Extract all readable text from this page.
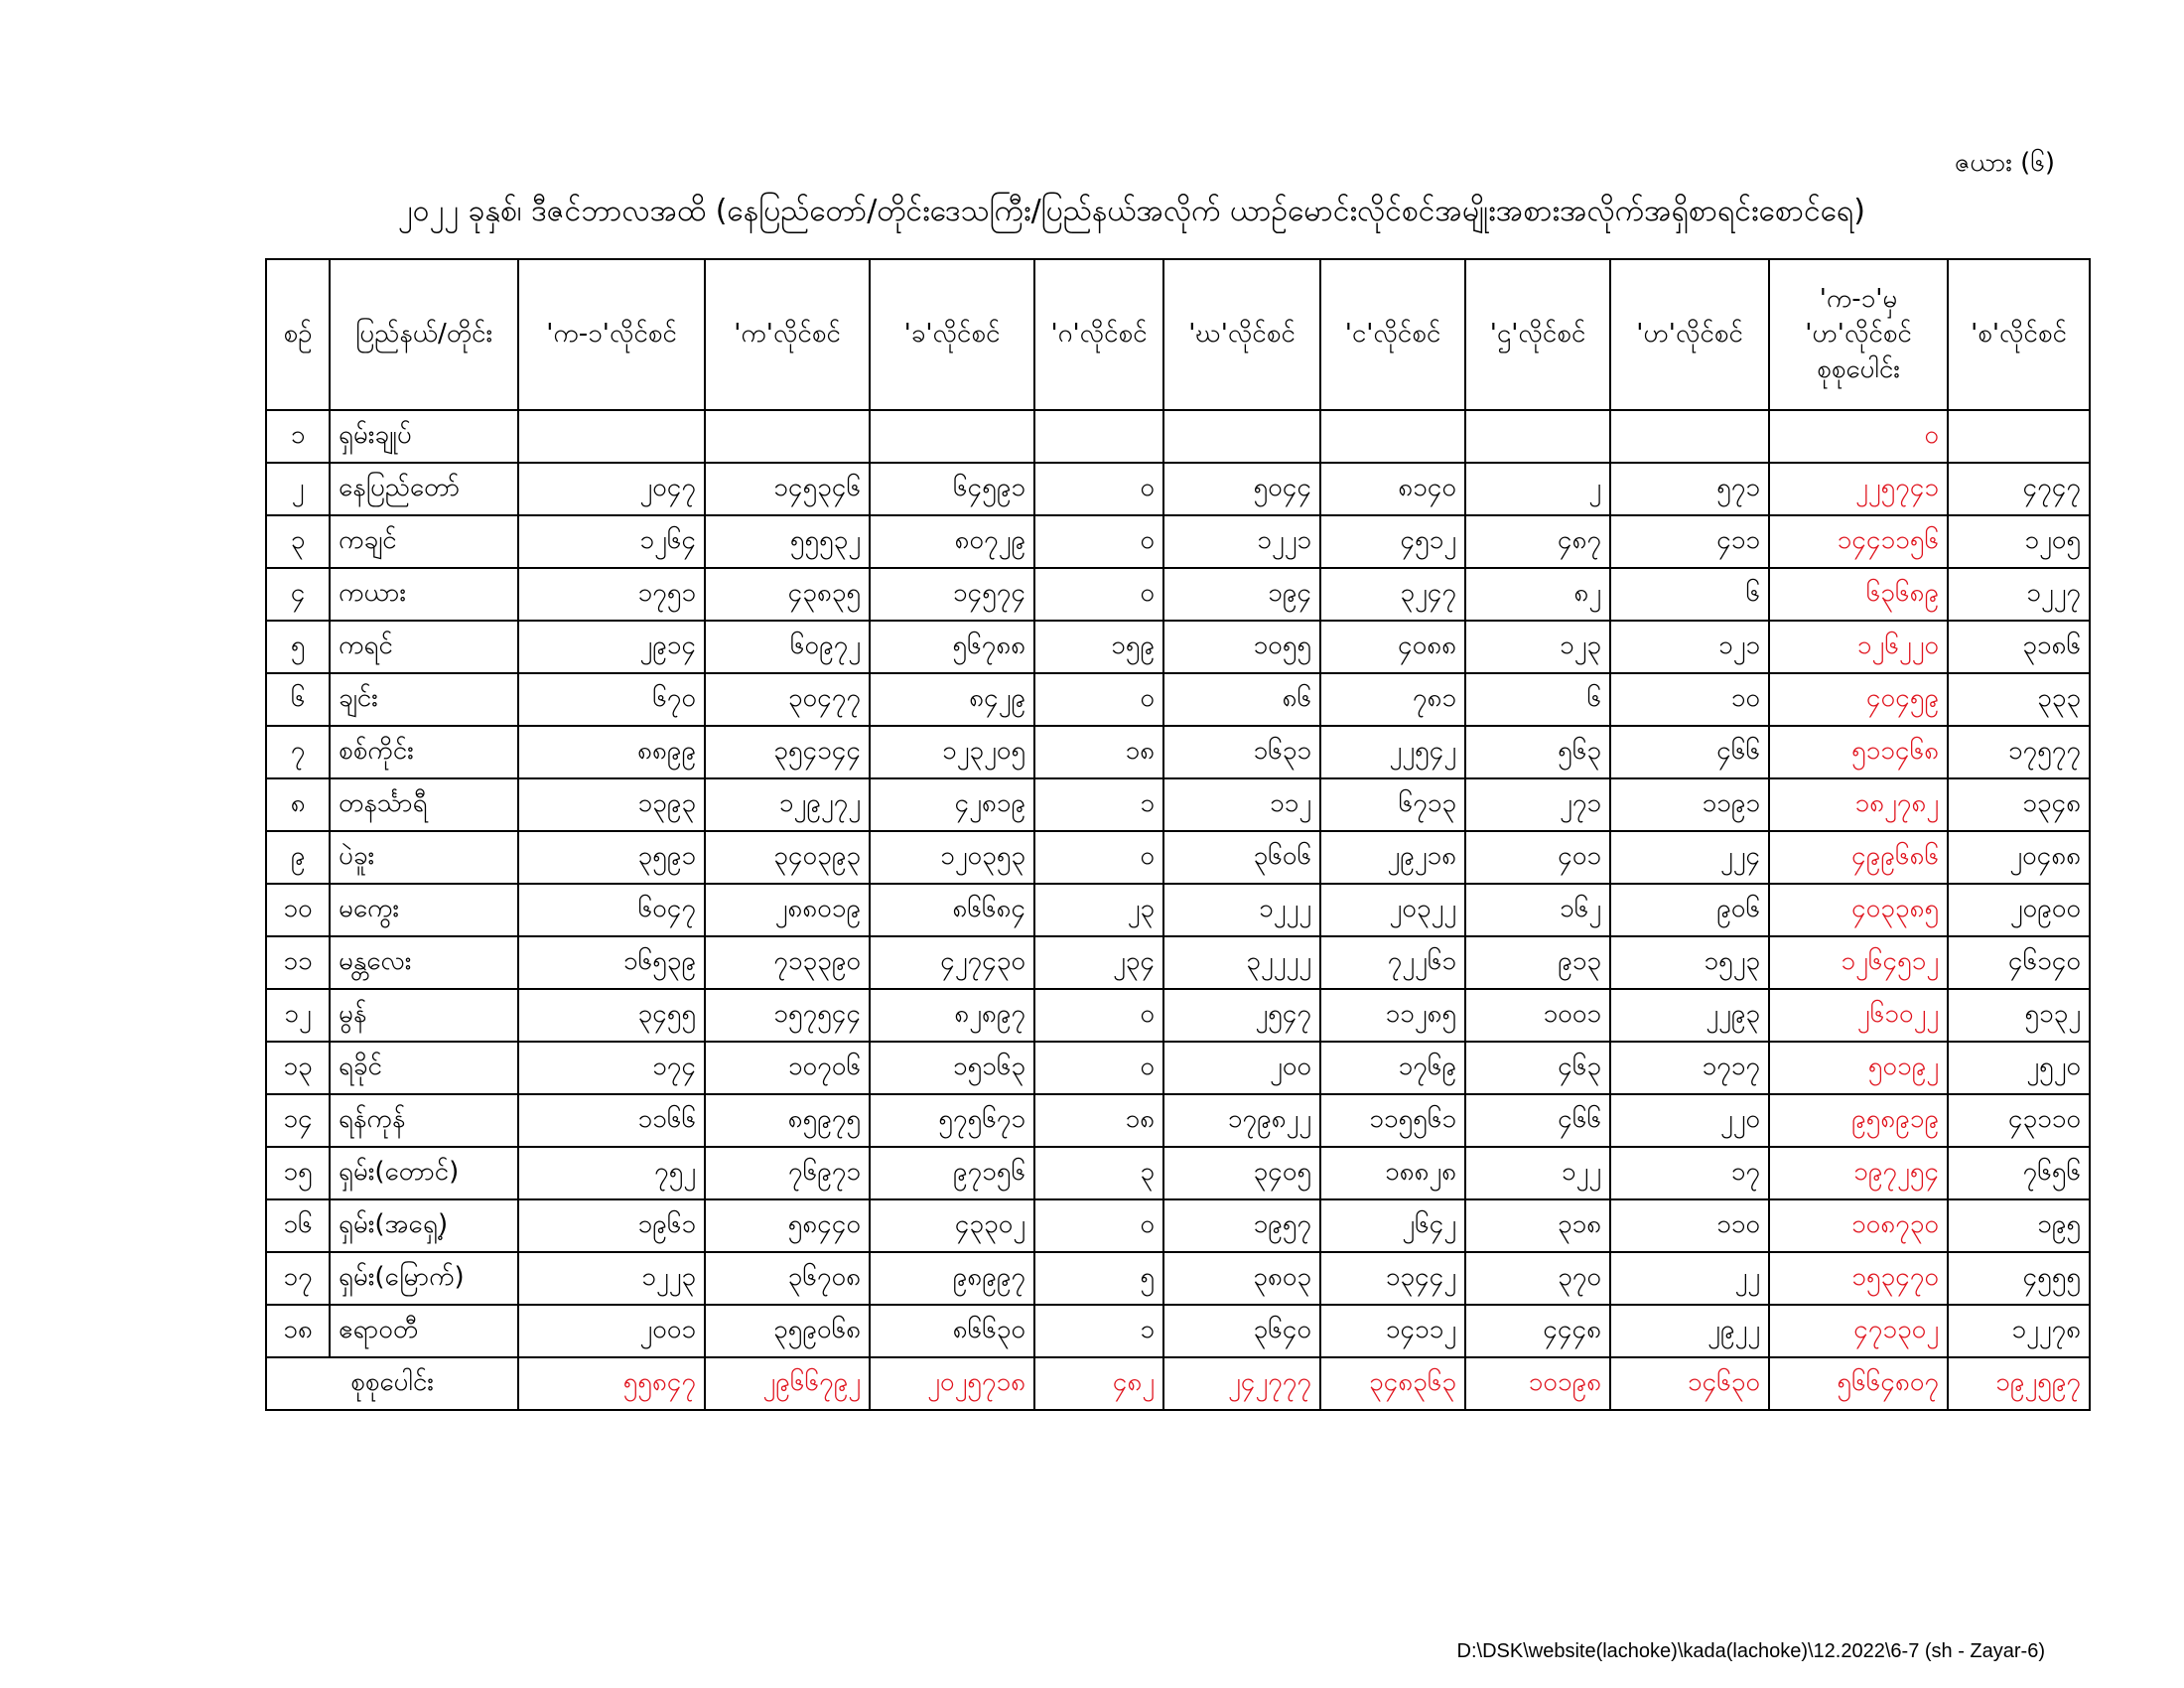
ဇယား (၆)
၂၀၂၂ ခုနှစ်၊ ဒီဇင်ဘာလအထိ (နေပြည်တော်/တိုင်းဒေသကြီး/ပြည်နယ်အလိုက် ယာဉ်မောင်းလိုင်စင်အမျိုးအစားအလိုက်အရှိစာရင်းစောင်ရေ)
စဉ်	ပြည်နယ်/တိုင်း	'က-၁'လိုင်စင်	'က'လိုင်စင်	'ခ'လိုင်စင်	'ဂ'လိုင်စင်	'ဃ'လိုင်စင်	'င'လိုင်စင်	'ဌ'လိုင်စင်	'ဟ'လိုင်စင်	'က-၁'မှ 'ဟ'လိုင်စင် စုစုပေါင်း	'စ'လိုင်စင်
၁	ရှမ်းချုပ်									၀	
၂	နေပြည်တော်	၂၀၄၇	၁၄၅၃၄၆	၆၄၅၉၁	၀	၅၀၄၄	၈၁၄၀	၂	၅၇၁	၂၂၅၇၄၁	၄၇၄၇
၃	ကချင်	၁၂၆၄	၅၅၅၃၂	၈၀၇၂၉	၀	၁၂၂၁	၄၅၁၂	၄၈၇	၄၁၁	၁၄၄၁၁၅၆	၁၂၀၅
၄	ကယား	၁၇၅၁	၄၃၈၃၅	၁၄၅၇၄	၀	၁၉၄	၃၂၄၇	၈၂	၆	၆၃၆၈၉	၁၂၂၇
၅	ကရင်	၂၉၁၄	၆၀၉၇၂	၅၆၇၈၈	၁၅၉	၁၀၅၅	၄၀၈၈	၁၂၃	၁၂၁	၁၂၆၂၂၀	၃၁၈၆
၆	ချင်း	၆၇၀	၃၀၄၇၇	၈၄၂၉	၀	၈၆	၇၈၁	၆	၁၀	၄၀၄၅၉	၃၃၃
၇	စစ်ကိုင်း	၈၈၉၉	၃၅၄၁၄၄	၁၂၃၂၀၅	၁၈	၁၆၃၁	၂၂၅၄၂	၅၆၃	၄၆၆	၅၁၁၄၆၈	၁၇၅၇၇
၈	တနင်္သာရီ	၁၃၉၃	၁၂၉၂၇၂	၄၂၈၁၉	၁	၁၁၂	၆၇၁၃	၂၇၁	၁၁၉၁	၁၈၂၇၈၂	၁၃၄၈
၉	ပဲခူး	၃၅၉၁	၃၄၀၃၉၃	၁၂၀၃၅၃	၀	၃၆၀၆	၂၉၂၁၈	၄၀၁	၂၂၄	၄၉၉၆၈၆	၂၀၄၈၈
၁၀	မကွေး	၆၀၄၇	၂၈၈၀၁၉	၈၆၆၈၄	၂၃	၁၂၂၂	၂၀၃၂၂	၁၆၂	၉၀၆	၄၀၃၃၈၅	၂၀၉၀၀
၁၁	မန္တလေး	၁၆၅၃၉	၇၁၃၃၉၀	၄၂၇၄၃၀	၂၃၄	၃၂၂၂၂	၇၂၂၆၁	၉၁၃	၁၅၂၃	၁၂၆၄၅၁၂	၄၆၁၄၀
၁၂	မွန်	၃၄၅၅	၁၅၇၅၄၄	၈၂၈၉၇	၀	၂၅၄၇	၁၁၂၈၅	၁၀၀၁	၂၂၉၃	၂၆၁၀၂၂	၅၁၃၂
၁၃	ရခိုင်	၁၇၄	၁၀၇၀၆	၁၅၁၆၃	၀	၂၀၀	၁၇၆၉	၄၆၃	၁၇၁၇	၅၀၁၉၂	၂၅၂၀
၁၄	ရန်ကုန်	၁၁၆၆	၈၅၉၇၅	၅၇၅၆၇၁	၁၈	၁၇၉၈၂၂	၁၁၅၅၆၁	၄၆၆	၂၂၀	၉၅၈၉၁၉	၄၃၁၁၀
၁၅	ရှမ်း(တောင်)	၇၅၂	၇၆၉၇၁	၉၇၁၅၆	၃	၃၄၀၅	၁၈၈၂၈	၁၂၂	၁၇	၁၉၇၂၅၄	၇၆၅၆
၁၆	ရှမ်း(အရှေ့)	၁၉၆၁	၅၈၄၄၀	၄၃၃၀၂	၀	၁၉၅၇	၂၆၄၂	၃၁၈	၁၁၀	၁၀၈၇၃၀	၁၉၅
၁၇	ရှမ်း(မြောက်)	၁၂၂၃	၃၆၇၀၈	၉၈၉၉၇	၅	၃၈၀၃	၁၃၄၄၂	၃၇၀	၂၂	၁၅၃၄၇၀	၄၅၅၅
၁၈	ဧရာဝတီ	၂၀၀၁	၃၅၉၀၆၈	၈၆၆၃၀	၁	၃၆၄၀	၁၄၁၁၂	၄၄၄၈	၂၉၂၂	၄၇၁၃၀၂	၁၂၂၇၈
စုစုပေါင်း		၅၅၈၄၇	၂၉၆၆၇၉၂	၂၀၂၅၇၁၈	၄၈၂	၂၄၂၇၇၇	၃၄၈၃၆၃	၁၀၁၉၈	၁၄၆၃၀	၅၆၆၄၈၀၇	၁၉၂၅၉၇
D:\DSK\website(lachoke)\kada(lachoke)\12.2022\6-7 (sh - Zayar-6)
